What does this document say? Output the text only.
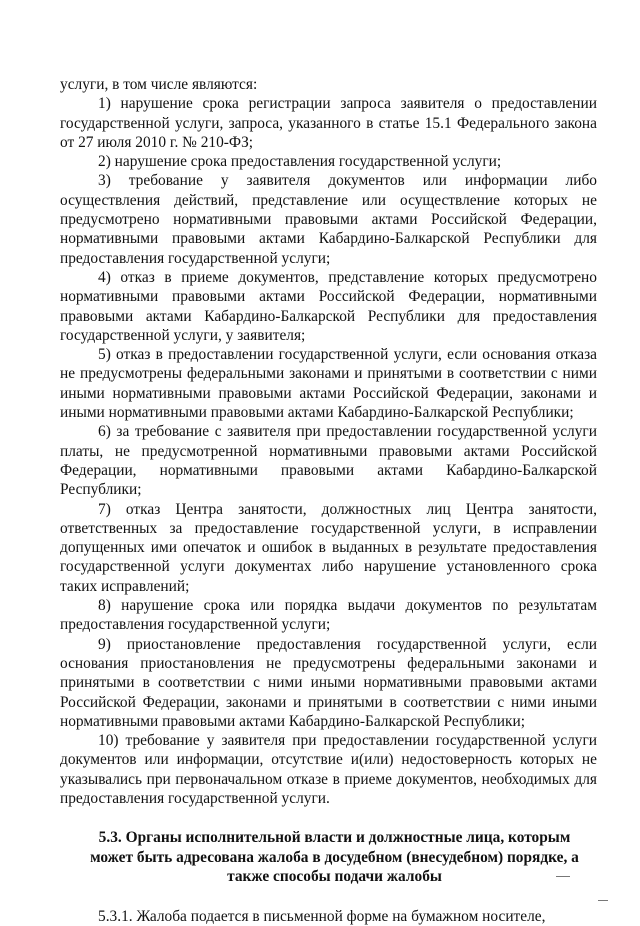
услуги, в том числе являются:

1) нарушение срока регистрации запроса заявителя о предоставлении государственной услуги, запроса, указанного в статье 15.1 Федерального закона от 27 июля 2010 г. № 210-ФЗ;

2) нарушение срока предоставления государственной услуги;

3) требование у заявителя документов или информации либо осуществления действий, представление или осуществление которых не предусмотрено нормативными правовыми актами Российской Федерации, нормативными правовыми актами Кабардино-Балкарской Республики для предоставления государственной услуги;

4) отказ в приеме документов, представление которых предусмотрено нормативными правовыми актами Российской Федерации, нормативными правовыми актами Кабардино-Балкарской Республики для предоставления государственной услуги, у заявителя;

5) отказ в предоставлении государственной услуги, если основания отказа не предусмотрены федеральными законами и принятыми в соответствии с ними иными нормативными правовыми актами Российской Федерации, законами и иными нормативными правовыми актами Кабардино-Балкарской Республики;

6) за требование с заявителя при предоставлении государственной услуги платы, не предусмотренной нормативными правовыми актами Российской Федерации, нормативными правовыми актами Кабардино-Балкарской Республики;

7) отказ Центра занятости, должностных лиц Центра занятости, ответственных за предоставление государственной услуги, в исправлении допущенных ими опечаток и ошибок в выданных в результате предоставления государственной услуги документах либо нарушение установленного срока таких исправлений;

8) нарушение срока или порядка выдачи документов по результатам предоставления государственной услуги;

9) приостановление предоставления государственной услуги, если основания приостановления не предусмотрены федеральными законами и принятыми в соответствии с ними иными нормативными правовыми актами Российской Федерации, законами и принятыми в соответствии с ними иными нормативными правовыми актами Кабардино-Балкарской Республики;

10) требование у заявителя при предоставлении государственной услуги документов или информации, отсутствие и(или) недостоверность которых не указывались при первоначальном отказе в приеме документов, необходимых для предоставления государственной услуги.

5.3. Органы исполнительной власти и должностные лица, которым может быть адресована жалоба в досудебном (внесудебном) порядке, а также способы подачи жалобы

5.3.1. Жалоба подается в письменной форме на бумажном носителе,
